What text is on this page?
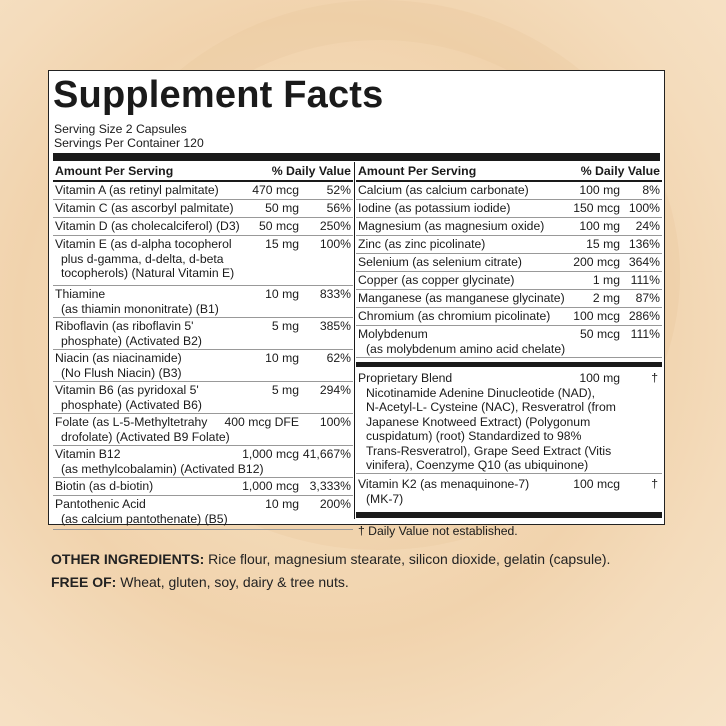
Supplement Facts
Serving Size 2 Capsules
Servings Per Container 120
Amount Per Serving	% Daily Value
Vitamin A (as retinyl palmitate)	470 mcg 52%
Vitamin C (as ascorbyl palmitate)	50 mg 56%
Vitamin D (as cholecalciferol) (D3) 50 mcg 250%
Vitamin E (as d-alpha tocopherol
plus d-gamma, d-delta, d-beta
tocopherols) (Natural Vitamin E)
15 mg 100%
Thiamine
(as thiamin mononitrate) (B1)
10 mg 833%
Riboflavin (as riboflavin 5'
phosphate) (Activated B2)
5 mg 385%
Niacin (as niacinamide)
(No Flush Niacin) (B3)
10 mg 62%
Vitamin B6 (as pyridoxal 5'
phosphate) (Activated B6)
5 mg 294%
Folate (as L-5-Methyltetrahy
drofolate) (Activated B9 Folate)
400 mcg DFE 100%
Vitamin B12
(as methylcobalamin) (Activated B12)
1,000 mcg 41,667%
Biotin (as d-biotin)	1,000 mcg 3,333%
Pantothenic Acid
(as calcium pantothenate) (B5)
10 mg 200%
Amount Per Serving	% Daily Value
Calcium (as calcium carbonate)	100 mg 8%
Iodine (as potassium iodide)	150 mcg 100%
Magnesium (as magnesium oxide)	100 mg 24%
Zinc (as zinc picolinate)	15 mg 136%
Selenium (as selenium citrate)	200 mcg 364%
Copper (as copper glycinate)	1 mg 111%
Manganese (as manganese glycinate) 2 mg 87%
Chromium (as chromium picolinate) 100 mcg 286%
Molybdenum
(as molybdenum amino acid chelate)
50 mcg 111%
Proprietary Blend	100 mg	†
Nicotinamide Adenine Dinucleotide (NAD),
N-Acetyl-L- Cysteine (NAC), Resveratrol (from
Japanese Knotweed Extract) (Polygonum
cuspidatum) (root) Standardized to 98%
Trans-Resveratrol), Grape Seed Extract (Vitis
vinifera), Coenzyme Q10 (as ubiquinone)
Vitamin K2 (as menaquinone-7)
(MK-7)
100 mcg	†
† Daily Value not established.
OTHER INGREDIENTS: Rice flour, magnesium stearate, silicon dioxide, gelatin (capsule).
FREE OF: Wheat, gluten, soy, dairy & tree nuts.
